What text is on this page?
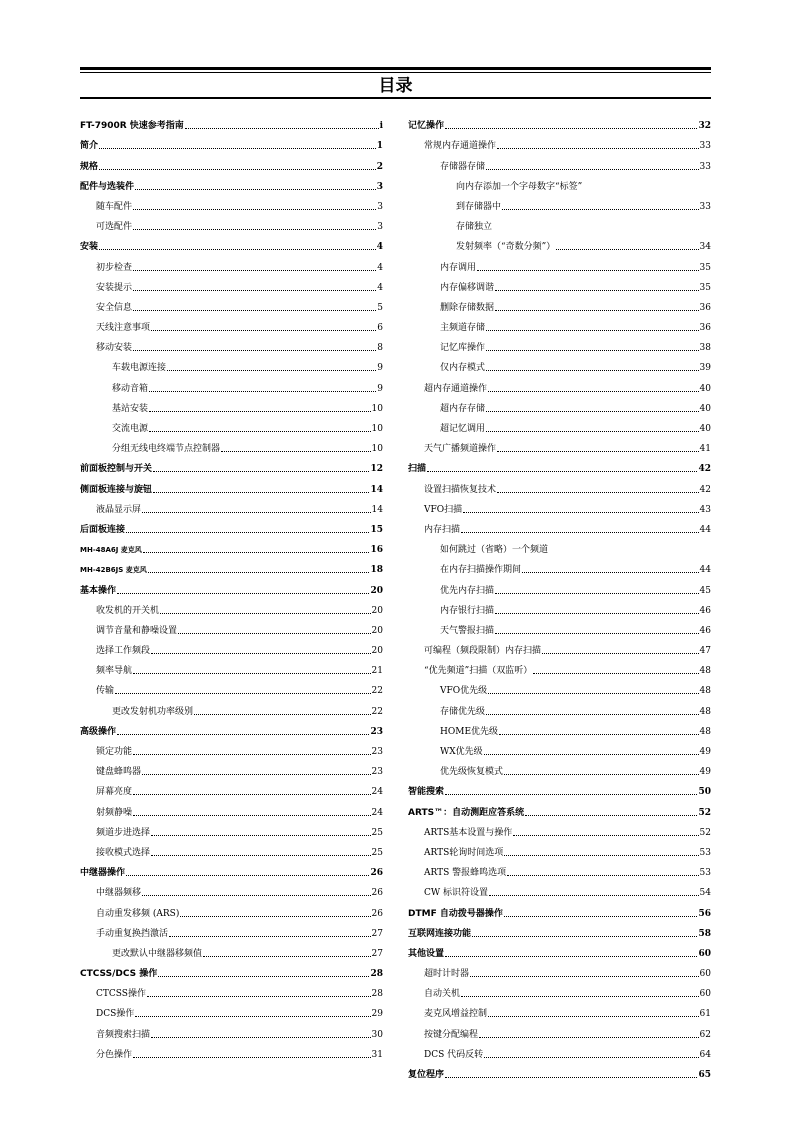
目录
FT-7900R 快速参考指南	i
简介	1
规格	2
配件与选装件	3
随车配件	3
可选配件	3
安装	4
初步检查	4
安装提示	4
安全信息	5
天线注意事项	6
移动安装	8
车载电源连接	9
移动音箱	9
基站安装	10
交流电源	10
分组无线电终端节点控制器	10
前面板控制与开关	12
侧面板连接与旋钮	14
液晶显示屏	14
后面板连接	15
MH-48A6J 麦克风	16
MH-42B6JS 麦克风	18
基本操作	20
收发机的开关机	20
调节音量和静噪设置	20
选择工作频段	20
频率导航	21
传输	22
更改发射机功率级别	22
高级操作	23
锁定功能	23
键盘蜂鸣器	23
屏幕亮度	24
射频静噪	24
频道步进选择	25
接收模式选择	25
中继器操作	26
中继器频移	26
自动重发移频 (ARS)	26
手动重复换挡激活	27
更改默认中继器移频值	27
CTCSS/DCS 操作	28
CTCSS操作	28
DCS操作	29
音频搜索扫描	30
分色操作	31
记忆操作	32
常规内存通道操作	33
存储器存储	33
向内存添加一个字母数字“标签”
到存储器中	33
存储独立
发射频率（“奇数分频”）	34
内存调用	35
内存偏移调谐	35
删除存储数据	36
主频道存储	36
记忆库操作	38
仅内存模式	39
超内存通道操作	40
超内存存储	40
超记忆调用	40
天气广播频道操作	41
扫描	42
设置扫描恢复技术	42
VFO扫描	43
内存扫描	44
如何跳过（省略）一个频道
在内存扫描操作期间	44
优先内存扫描	45
内存银行扫描	46
天气警报扫描	46
可编程（频段限制）内存扫描	47
“优先频道”扫描（双监听）	48
VFO优先级	48
存储优先级	48
HOME优先级	48
WX优先级	49
优先级恢复模式	49
智能搜索	50
ARTS™：自动测距应答系统	52
ARTS基本设置与操作	52
ARTS轮询时间选项	53
ARTS 警报蜂鸣选项	53
CW 标识符设置	54
DTMF 自动拨号器操作	56
互联网连接功能	58
其他设置	60
超时计时器	60
自动关机	60
麦克风增益控制	61
按键分配编程	62
DCS 代码反转	64
复位程序	65
